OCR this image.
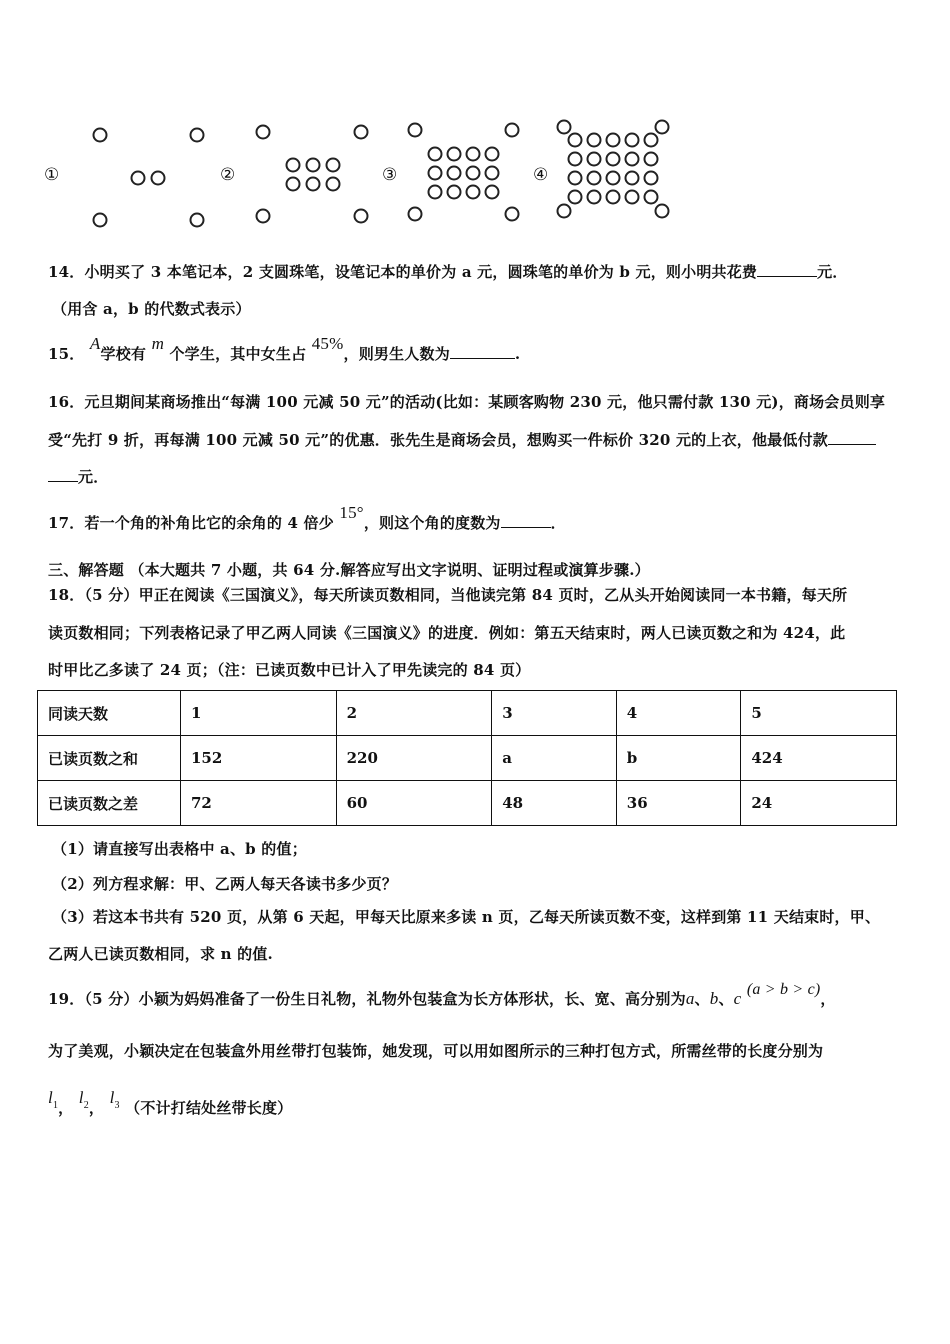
①	②	③	④
14．小明买了 3 本笔记本，2 支圆珠笔，设笔记本的单价为 a 元，圆珠笔的单价为 b 元，则小明共花费	元．
（用含 a，b 的代数式表示）
15． A学校有 m 个学生，其中女生占 45%，则男生人数为	.
16．元旦期间某商场推出“每满 100 元减 50 元”的活动(比如：某顾客购物 230 元，他只需付款 130 元)，商场会员则享
受“先打 9 折，再每满 100 元减 50 元”的优惠．张先生是商场会员，想购买一件标价 320 元的上衣，他最低付款
元．
17．若一个角的补角比它的余角的 4 倍少 15°，则这个角的度数为	．
三、解答题 （本大题共 7 小题，共 64 分.解答应写出文字说明、证明过程或演算步骤.）
18．（5 分）甲正在阅读《三国演义》，每天所读页数相同，当他读完第 84 页时，乙从头开始阅读同一本书籍，每天所
读页数相同；下列表格记录了甲乙两人同读《三国演义》的进度．例如：第五天结束时，两人已读页数之和为 424，此
时甲比乙多读了 24 页；（注：已读页数中已计入了甲先读完的 84 页）
同读天数	1	2	3	4	5
已读页数之和	152	220	a	b	424
已读页数之差	72	60	48	36	24
（1）请直接写出表格中 a、b 的值；
（2）列方程求解：甲、乙两人每天各读书多少页？
（3）若这本书共有 520 页，从第 6 天起，甲每天比原来多读 n 页，乙每天所读页数不变，这样到第 11 天结束时，甲、
乙两人已读页数相同，求 n 的值.
19．（5 分）小颖为妈妈准备了一份生日礼物，礼物外包装盒为长方体形状，长、宽、高分别为a、b、c (a > b > c)，
为了美观，小颖决定在包装盒外用丝带打包装饰，她发现，可以用如图所示的三种打包方式，所需丝带的长度分别为
$l_1$， $l_2$， $l_3$ （不计打结处丝带长度）
